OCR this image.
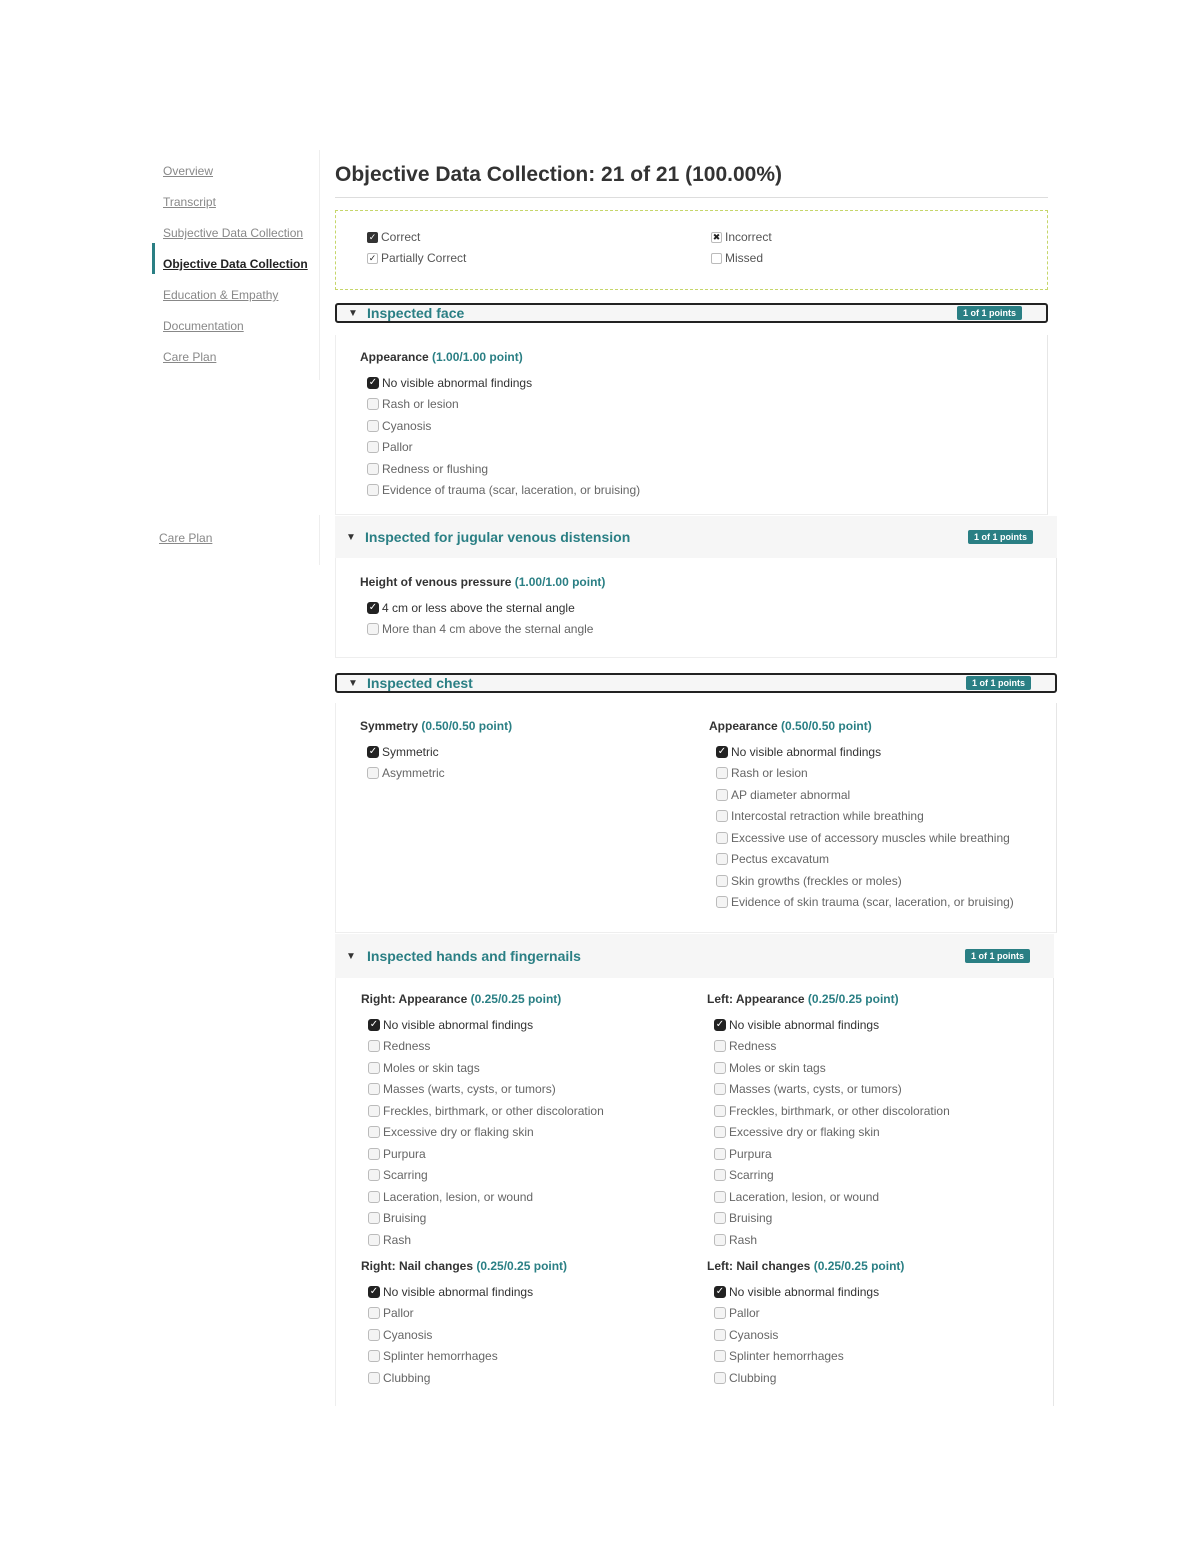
Overview
Transcript
Subjective Data Collection
Objective Data Collection
Education & Empathy
Documentation
Care Plan
Care Plan
Objective Data Collection: 21 of 21 (100.00%)
✓ Correct
✓ Partially Correct
✖ Incorrect
Missed
▼ Inspected face	1 of 1 points
Appearance (1.00/1.00 point)
✓ No visible abnormal findings
Rash or lesion
Cyanosis
Pallor
Redness or flushing
Evidence of trauma (scar, laceration, or bruising)
▼ Inspected for jugular venous distension	1 of 1 points
Height of venous pressure (1.00/1.00 point)
✓ 4 cm or less above the sternal angle
More than 4 cm above the sternal angle
▼ Inspected chest	1 of 1 points
Symmetry (0.50/0.50 point)
✓ Symmetric
Asymmetric
Appearance (0.50/0.50 point)
✓ No visible abnormal findings
Rash or lesion
AP diameter abnormal
Intercostal retraction while breathing
Excessive use of accessory muscles while breathing
Pectus excavatum
Skin growths (freckles or moles)
Evidence of skin trauma (scar, laceration, or bruising)
▼ Inspected hands and fingernails	1 of 1 points
Right: Appearance (0.25/0.25 point)
✓ No visible abnormal findings
Redness
Moles or skin tags
Masses (warts, cysts, or tumors)
Freckles, birthmark, or other discoloration
Excessive dry or flaking skin
Purpura
Scarring
Laceration, lesion, or wound
Bruising
Rash
Left: Appearance (0.25/0.25 point)
✓ No visible abnormal findings
Redness
Moles or skin tags
Masses (warts, cysts, or tumors)
Freckles, birthmark, or other discoloration
Excessive dry or flaking skin
Purpura
Scarring
Laceration, lesion, or wound
Bruising
Rash
Right: Nail changes (0.25/0.25 point)
✓ No visible abnormal findings
Pallor
Cyanosis
Splinter hemorrhages
Clubbing
Left: Nail changes (0.25/0.25 point)
✓ No visible abnormal findings
Pallor
Cyanosis
Splinter hemorrhages
Clubbing
